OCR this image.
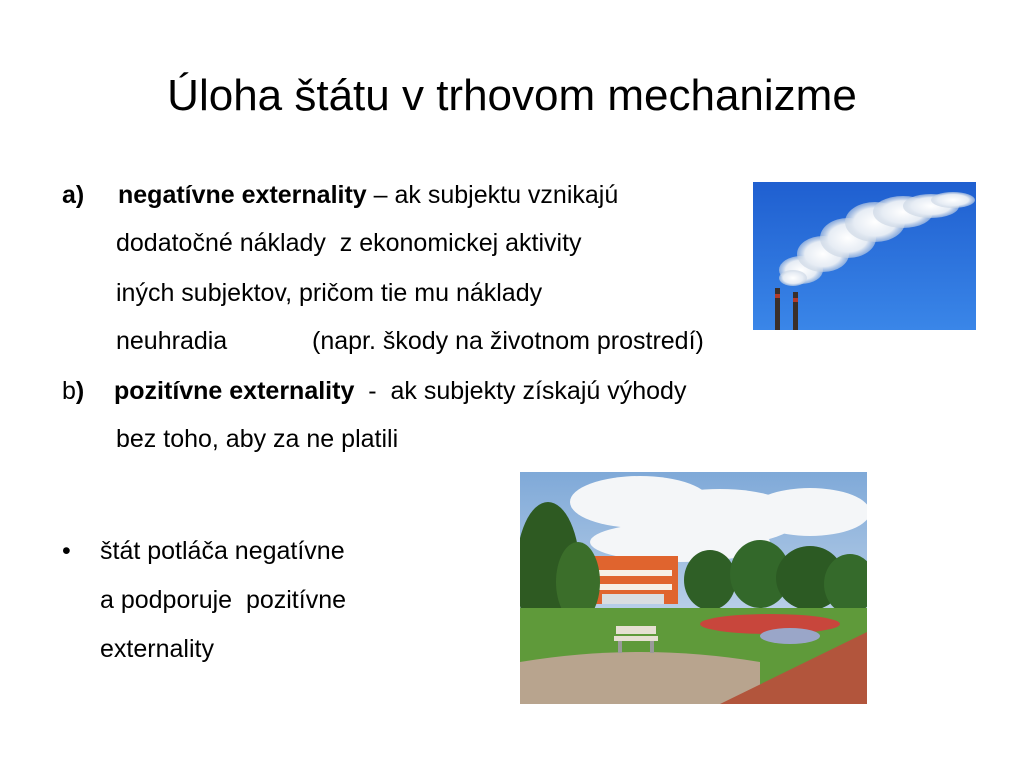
Úloha štátu v trhovom mechanizme
a) negatívne externality – ak subjektu vznikajú
dodatočné náklady  z ekonomickej aktivity
iných subjektov, pričom tie mu náklady
neuhradia	(napr. škody na životnom prostredí)
b) pozitívne externality  -  ak subjekty získajú výhody
bez toho, aby za ne platili
• štát potláča negatívne
a podporuje  pozitívne
externality
